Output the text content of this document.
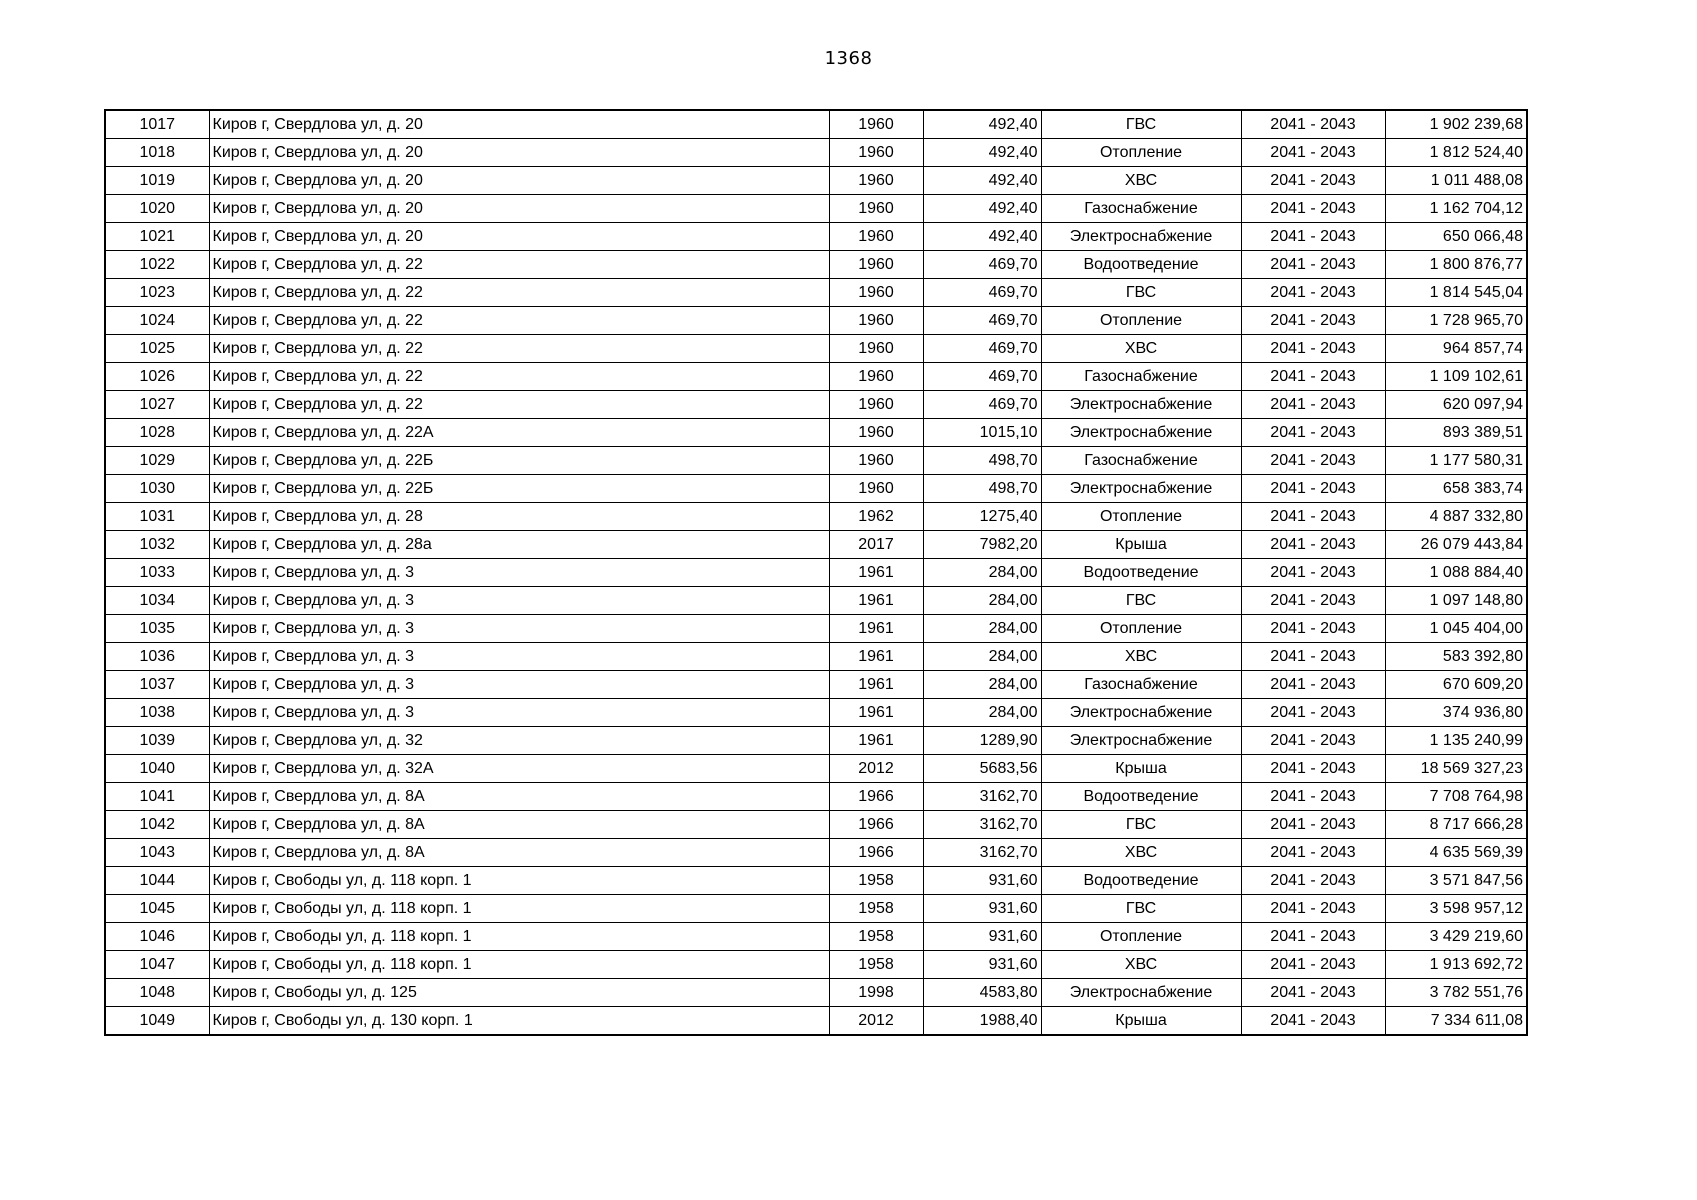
1368
1017	Киров г, Свердлова ул, д. 20	1960	492,40	ГВС	2041 - 2043	1 902 239,68
1018	Киров г, Свердлова ул, д. 20	1960	492,40	Отопление	2041 - 2043	1 812 524,40
1019	Киров г, Свердлова ул, д. 20	1960	492,40	ХВС	2041 - 2043	1 011 488,08
1020	Киров г, Свердлова ул, д. 20	1960	492,40	Газоснабжение	2041 - 2043	1 162 704,12
1021	Киров г, Свердлова ул, д. 20	1960	492,40	Электроснабжение	2041 - 2043	650 066,48
1022	Киров г, Свердлова ул, д. 22	1960	469,70	Водоотведение	2041 - 2043	1 800 876,77
1023	Киров г, Свердлова ул, д. 22	1960	469,70	ГВС	2041 - 2043	1 814 545,04
1024	Киров г, Свердлова ул, д. 22	1960	469,70	Отопление	2041 - 2043	1 728 965,70
1025	Киров г, Свердлова ул, д. 22	1960	469,70	ХВС	2041 - 2043	964 857,74
1026	Киров г, Свердлова ул, д. 22	1960	469,70	Газоснабжение	2041 - 2043	1 109 102,61
1027	Киров г, Свердлова ул, д. 22	1960	469,70	Электроснабжение	2041 - 2043	620 097,94
1028	Киров г, Свердлова ул, д. 22А	1960	1015,10	Электроснабжение	2041 - 2043	893 389,51
1029	Киров г, Свердлова ул, д. 22Б	1960	498,70	Газоснабжение	2041 - 2043	1 177 580,31
1030	Киров г, Свердлова ул, д. 22Б	1960	498,70	Электроснабжение	2041 - 2043	658 383,74
1031	Киров г, Свердлова ул, д. 28	1962	1275,40	Отопление	2041 - 2043	4 887 332,80
1032	Киров г, Свердлова ул, д. 28а	2017	7982,20	Крыша	2041 - 2043	26 079 443,84
1033	Киров г, Свердлова ул, д. 3	1961	284,00	Водоотведение	2041 - 2043	1 088 884,40
1034	Киров г, Свердлова ул, д. 3	1961	284,00	ГВС	2041 - 2043	1 097 148,80
1035	Киров г, Свердлова ул, д. 3	1961	284,00	Отопление	2041 - 2043	1 045 404,00
1036	Киров г, Свердлова ул, д. 3	1961	284,00	ХВС	2041 - 2043	583 392,80
1037	Киров г, Свердлова ул, д. 3	1961	284,00	Газоснабжение	2041 - 2043	670 609,20
1038	Киров г, Свердлова ул, д. 3	1961	284,00	Электроснабжение	2041 - 2043	374 936,80
1039	Киров г, Свердлова ул, д. 32	1961	1289,90	Электроснабжение	2041 - 2043	1 135 240,99
1040	Киров г, Свердлова ул, д. 32А	2012	5683,56	Крыша	2041 - 2043	18 569 327,23
1041	Киров г, Свердлова ул, д. 8А	1966	3162,70	Водоотведение	2041 - 2043	7 708 764,98
1042	Киров г, Свердлова ул, д. 8А	1966	3162,70	ГВС	2041 - 2043	8 717 666,28
1043	Киров г, Свердлова ул, д. 8А	1966	3162,70	ХВС	2041 - 2043	4 635 569,39
1044	Киров г, Свободы ул, д. 118 корп. 1	1958	931,60	Водоотведение	2041 - 2043	3 571 847,56
1045	Киров г, Свободы ул, д. 118 корп. 1	1958	931,60	ГВС	2041 - 2043	3 598 957,12
1046	Киров г, Свободы ул, д. 118 корп. 1	1958	931,60	Отопление	2041 - 2043	3 429 219,60
1047	Киров г, Свободы ул, д. 118 корп. 1	1958	931,60	ХВС	2041 - 2043	1 913 692,72
1048	Киров г, Свободы ул, д. 125	1998	4583,80	Электроснабжение	2041 - 2043	3 782 551,76
1049	Киров г, Свободы ул, д. 130 корп. 1	2012	1988,40	Крыша	2041 - 2043	7 334 611,08
